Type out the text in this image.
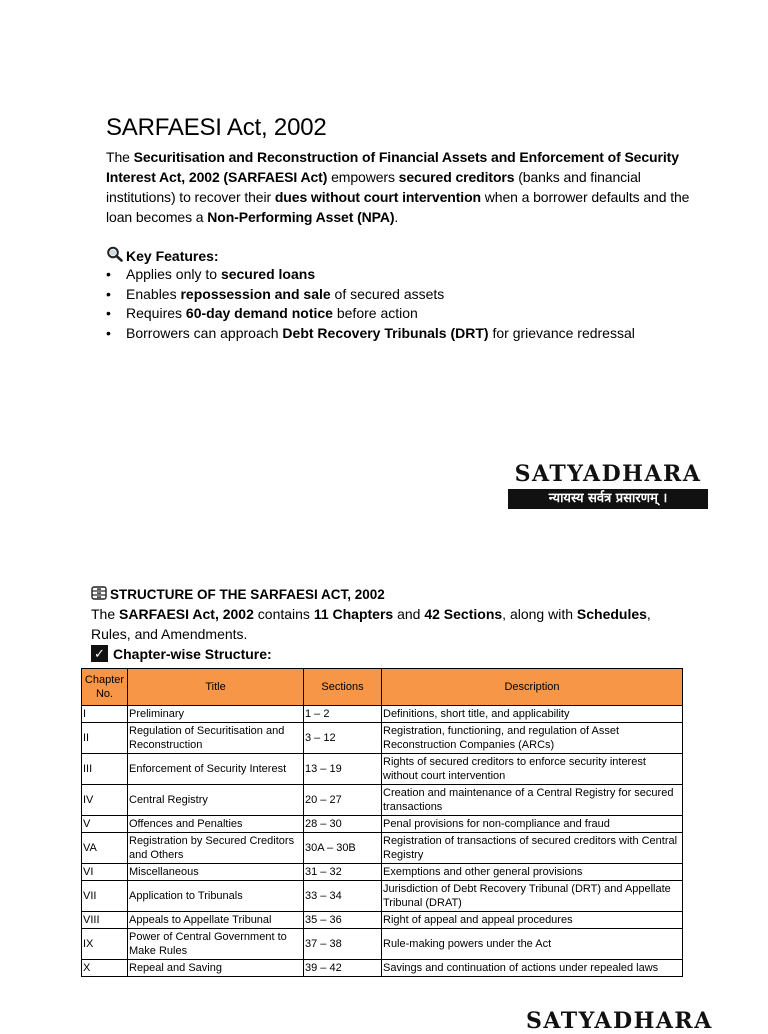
SARFAESI Act, 2002
The Securitisation and Reconstruction of Financial Assets and Enforcement of Security Interest Act, 2002 (SARFAESI Act) empowers secured creditors (banks and financial institutions) to recover their dues without court intervention when a borrower defaults and the loan becomes a Non-Performing Asset (NPA).
Key Features:
• Applies only to secured loans
• Enables repossession and sale of secured assets
• Requires 60-day demand notice before action
• Borrowers can approach Debt Recovery Tribunals (DRT) for grievance redressal
SATYADHARA
न्यायस्य सर्वत्र प्रसारणम् ।
STRUCTURE OF THE SARFAESI ACT, 2002
The SARFAESI Act, 2002 contains 11 Chapters and 42 Sections, along with Schedules, Rules, and Amendments.
✓ Chapter-wise Structure:
Chapter No.	Title	Sections	Description
I	Preliminary	1 – 2	Definitions, short title, and applicability
II	Regulation of Securitisation and Reconstruction	3 – 12	Registration, functioning, and regulation of Asset Reconstruction Companies (ARCs)
III	Enforcement of Security Interest	13 – 19	Rights of secured creditors to enforce security interest without court intervention
IV	Central Registry	20 – 27	Creation and maintenance of a Central Registry for secured transactions
V	Offences and Penalties	28 – 30	Penal provisions for non-compliance and fraud
VA	Registration by Secured Creditors and Others	30A – 30B	Registration of transactions of secured creditors with Central Registry
VI	Miscellaneous	31 – 32	Exemptions and other general provisions
VII	Application to Tribunals	33 – 34	Jurisdiction of Debt Recovery Tribunal (DRT) and Appellate Tribunal (DRAT)
VIII	Appeals to Appellate Tribunal	35 – 36	Right of appeal and appeal procedures
IX	Power of Central Government to Make Rules	37 – 38	Rule-making powers under the Act
X	Repeal and Saving	39 – 42	Savings and continuation of actions under repealed laws
SATYADHARA
